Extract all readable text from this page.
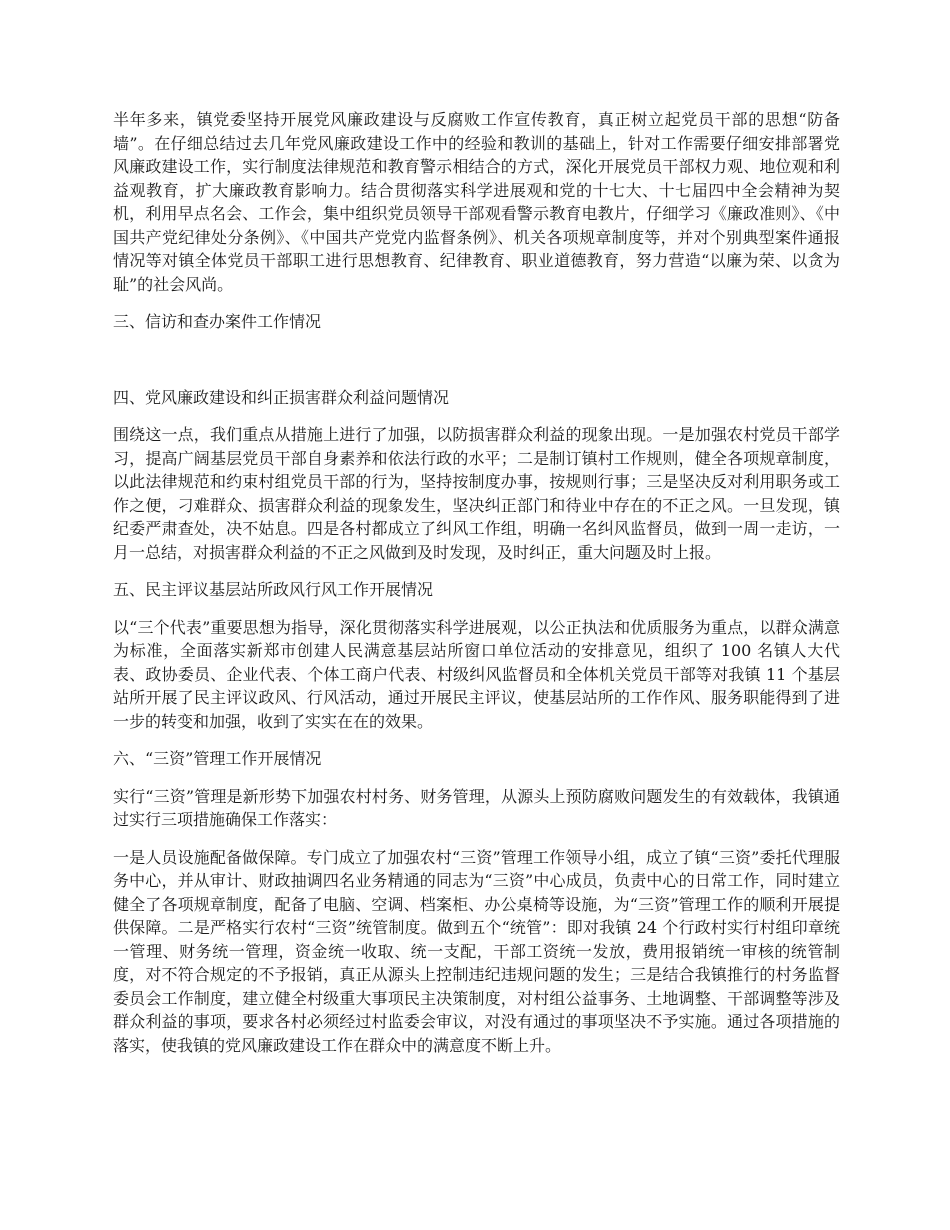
半年多来，镇党委坚持开展党风廉政建设与反腐败工作宣传教育，真正树立起党员干部的思想“防备墙”。在仔细总结过去几年党风廉政建设工作中的经验和教训的基础上，针对工作需要仔细安排部署党风廉政建设工作，实行制度法律规范和教育警示相结合的方式，深化开展党员干部权力观、地位观和利益观教育，扩大廉政教育影响力。结合贯彻落实科学进展观和党的十七大、十七届四中全会精神为契机，利用早点名会、工作会，集中组织党员领导干部观看警示教育电教片，仔细学习《廉政准则》、《中国共产党纪律处分条例》、《中国共产党党内监督条例》、机关各项规章制度等，并对个别典型案件通报情况等对镇全体党员干部职工进行思想教育、纪律教育、职业道德教育，努力营造“以廉为荣、以贪为耻”的社会风尚。

三、信访和查办案件工作情况

四、党风廉政建设和纠正损害群众利益问题情况

围绕这一点，我们重点从措施上进行了加强，以防损害群众利益的现象出现。一是加强农村党员干部学习，提高广阔基层党员干部自身素养和依法行政的水平；二是制订镇村工作规则，健全各项规章制度，以此法律规范和约束村组党员干部的行为，坚持按制度办事，按规则行事；三是坚决反对利用职务或工作之便，刁难群众、损害群众利益的现象发生，坚决纠正部门和待业中存在的不正之风。一旦发现，镇纪委严肃查处，决不姑息。四是各村都成立了纠风工作组，明确一名纠风监督员，做到一周一走访，一月一总结，对损害群众利益的不正之风做到及时发现，及时纠正，重大问题及时上报。

五、民主评议基层站所政风行风工作开展情况

以“三个代表”重要思想为指导，深化贯彻落实科学进展观，以公正执法和优质服务为重点，以群众满意为标准，全面落实新郑市创建人民满意基层站所窗口单位活动的安排意见，组织了 100 名镇人大代表、政协委员、企业代表、个体工商户代表、村级纠风监督员和全体机关党员干部等对我镇 11 个基层站所开展了民主评议政风、行风活动，通过开展民主评议，使基层站所的工作作风、服务职能得到了进一步的转变和加强，收到了实实在在的效果。

六、“三资”管理工作开展情况

实行“三资”管理是新形势下加强农村村务、财务管理，从源头上预防腐败问题发生的有效载体，我镇通过实行三项措施确保工作落实：

一是人员设施配备做保障。专门成立了加强农村“三资”管理工作领导小组，成立了镇“三资”委托代理服务中心，并从审计、财政抽调四名业务精通的同志为“三资”中心成员，负责中心的日常工作，同时建立健全了各项规章制度，配备了电脑、空调、档案柜、办公桌椅等设施，为“三资”管理工作的顺利开展提供保障。二是严格实行农村“三资”统管制度。做到五个“统管”：即对我镇 24 个行政村实行村组印章统一管理、财务统一管理，资金统一收取、统一支配，干部工资统一发放，费用报销统一审核的统管制度，对不符合规定的不予报销，真正从源头上控制违纪违规问题的发生；三是结合我镇推行的村务监督委员会工作制度，建立健全村级重大事项民主决策制度，对村组公益事务、土地调整、干部调整等涉及群众利益的事项，要求各村必须经过村监委会审议，对没有通过的事项坚决不予实施。通过各项措施的落实，使我镇的党风廉政建设工作在群众中的满意度不断上升。
